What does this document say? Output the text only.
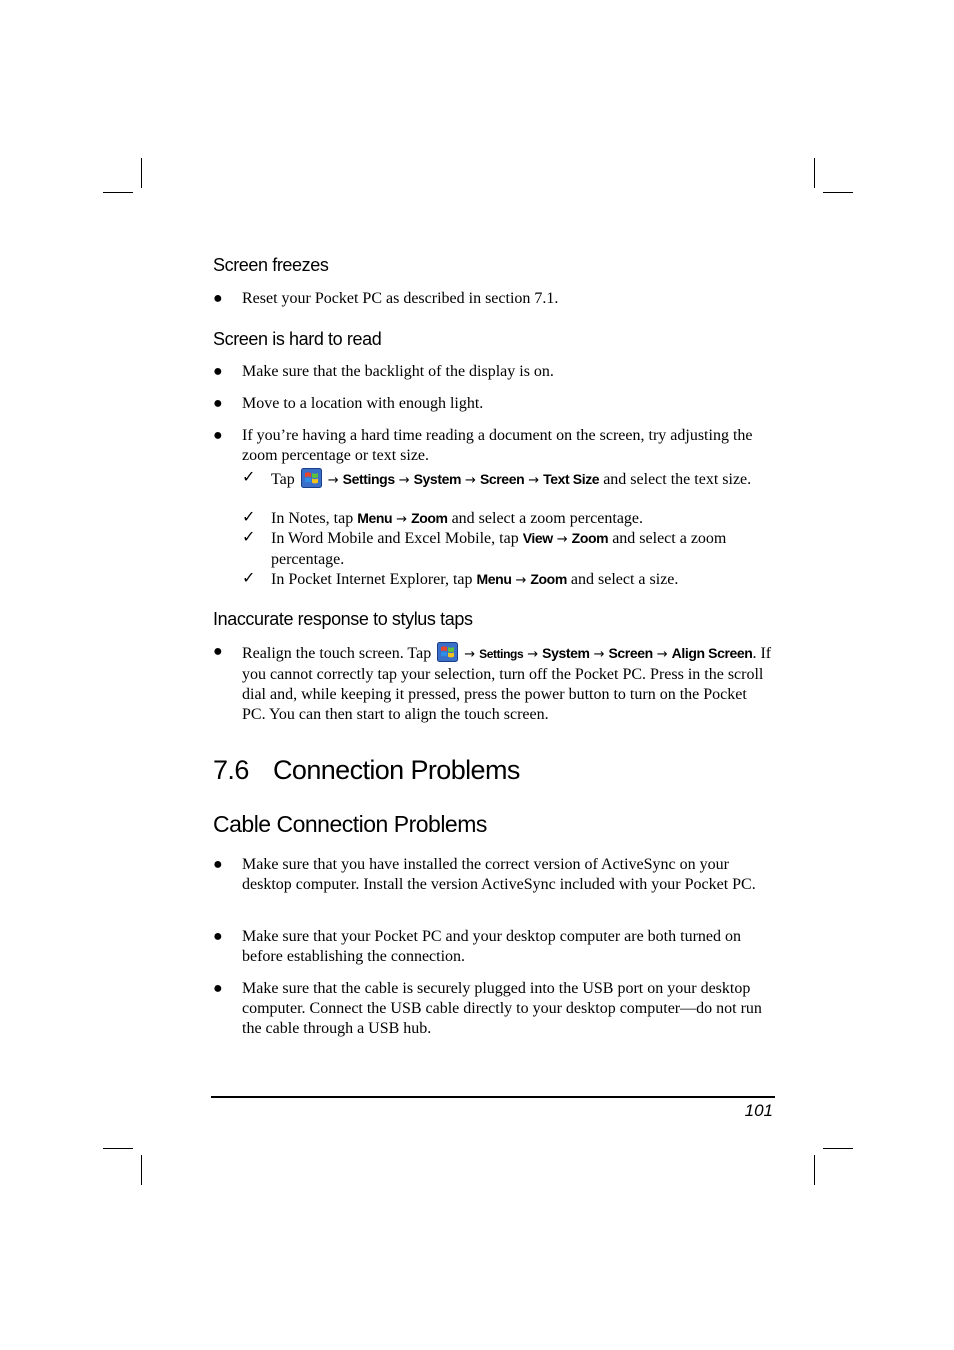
Screen freezes
● Reset your Pocket PC as described in section 7.1.
Screen is hard to read
● Make sure that the backlight of the display is on.
● Move to a location with enough light.
● If you’re having a hard time reading a document on the screen, try adjusting the zoom percentage or text size.
✓ Tap	→ Settings → System → Screen → Text Size and select the text size.
✓ In Notes, tap Menu → Zoom and select a zoom percentage.
✓ In Word Mobile and Excel Mobile, tap View → Zoom and select a zoom percentage.
✓ In Pocket Internet Explorer, tap Menu → Zoom and select a size.
Inaccurate response to stylus taps
● Realign the touch screen. Tap	→ Settings → System → Screen → Align Screen. If you cannot correctly tap your selection, turn off the Pocket PC. Press in the scroll dial and, while keeping it pressed, press the power button to turn on the Pocket PC. You can then start to align the touch screen.
7.6 Connection Problems
Cable Connection Problems
● Make sure that you have installed the correct version of ActiveSync on your desktop computer. Install the version ActiveSync included with your Pocket PC.
● Make sure that your Pocket PC and your desktop computer are both turned on before establishing the connection.
● Make sure that the cable is securely plugged into the USB port on your desktop computer. Connect the USB cable directly to your desktop computer—do not run the cable through a USB hub.
101
